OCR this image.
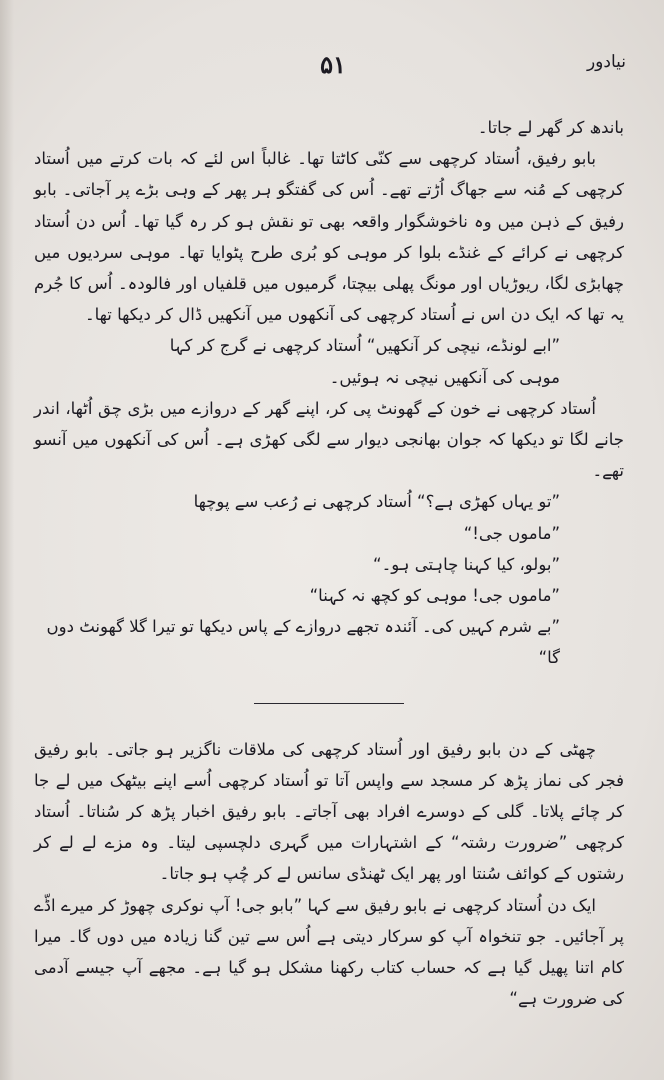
نیادور
۵۱

باندھ کر گھر لے جاتا۔

بابو رفیق، اُستاد کرچھی سے کنّی کاٹتا تھا۔ غالباً اس لئے کہ بات کرتے میں اُستاد کرچھی کے مُنہ سے جھاگ اُڑتے تھے۔ اُس کی گفتگو ہر پھر کے وہی بڑے پر آجاتی۔ بابو رفیق کے ذہن میں وہ ناخوشگوار واقعہ بھی تو نقش ہو کر رہ گیا تھا۔ اُس دن اُستاد کرچھی نے کرائے کے غنڈے بلوا کر موہی کو بُری طرح پٹوایا تھا۔ موہی سردیوں میں چھابڑی لگا، ریوڑیاں اور مونگ پھلی بیچتا، گرمیوں میں قلفیاں اور فالودہ۔ اُس کا جُرم یہ تھا کہ ایک دن اس نے اُستاد کرچھی کی آنکھوں میں آنکھیں ڈال کر دیکھا تھا۔

”ابے لونڈے، نیچی کر آنکھیں“ اُستاد کرچھی نے گرج کر کہا

موہی کی آنکھیں نیچی نہ ہوئیں۔

اُستاد کرچھی نے خون کے گھونٹ پی کر، اپنے گھر کے دروازے میں بڑی چق اُٹھا، اندر جانے لگا تو دیکھا کہ جوان بھانجی دیوار سے لگی کھڑی ہے۔ اُس کی آنکھوں میں آنسو تھے۔

”تو یہاں کھڑی ہے؟“ اُستاد کرچھی نے رُعب سے پوچھا

”ماموں جی!“

”بولو، کیا کہنا چاہتی ہو۔“

”ماموں جی! موہی کو کچھ نہ کہنا“

”بے شرم کہیں کی۔ آئندہ تجھے دروازے کے پاس دیکھا تو تیرا گلا گھونٹ دوں گا“

چھٹی کے دن بابو رفیق اور اُستاد کرچھی کی ملاقات ناگزیر ہو جاتی۔ بابو رفیق فجر کی نماز پڑھ کر مسجد سے واپس آتا تو اُستاد کرچھی اُسے اپنے بیٹھک میں لے جا کر چائے پلاتا۔ گلی کے دوسرے افراد بھی آجاتے۔ بابو رفیق اخبار پڑھ کر سُناتا۔ اُستاد کرچھی ”ضرورت رشتہ“ کے اشتہارات میں گہری دلچسپی لیتا۔ وہ مزے لے لے کر رشتوں کے کوائف سُنتا اور پھر ایک ٹھنڈی سانس لے کر چُپ ہو جاتا۔

ایک دن اُستاد کرچھی نے بابو رفیق سے کہا ”بابو جی! آپ نوکری چھوڑ کر میرے اڈّے پر آجائیں۔ جو تنخواہ آپ کو سرکار دیتی ہے اُس سے تین گنا زیادہ میں دوں گا۔ میرا کام اتنا پھیل گیا ہے کہ حساب کتاب رکھنا مشکل ہو گیا ہے۔ مجھے آپ جیسے آدمی کی ضرورت ہے“
